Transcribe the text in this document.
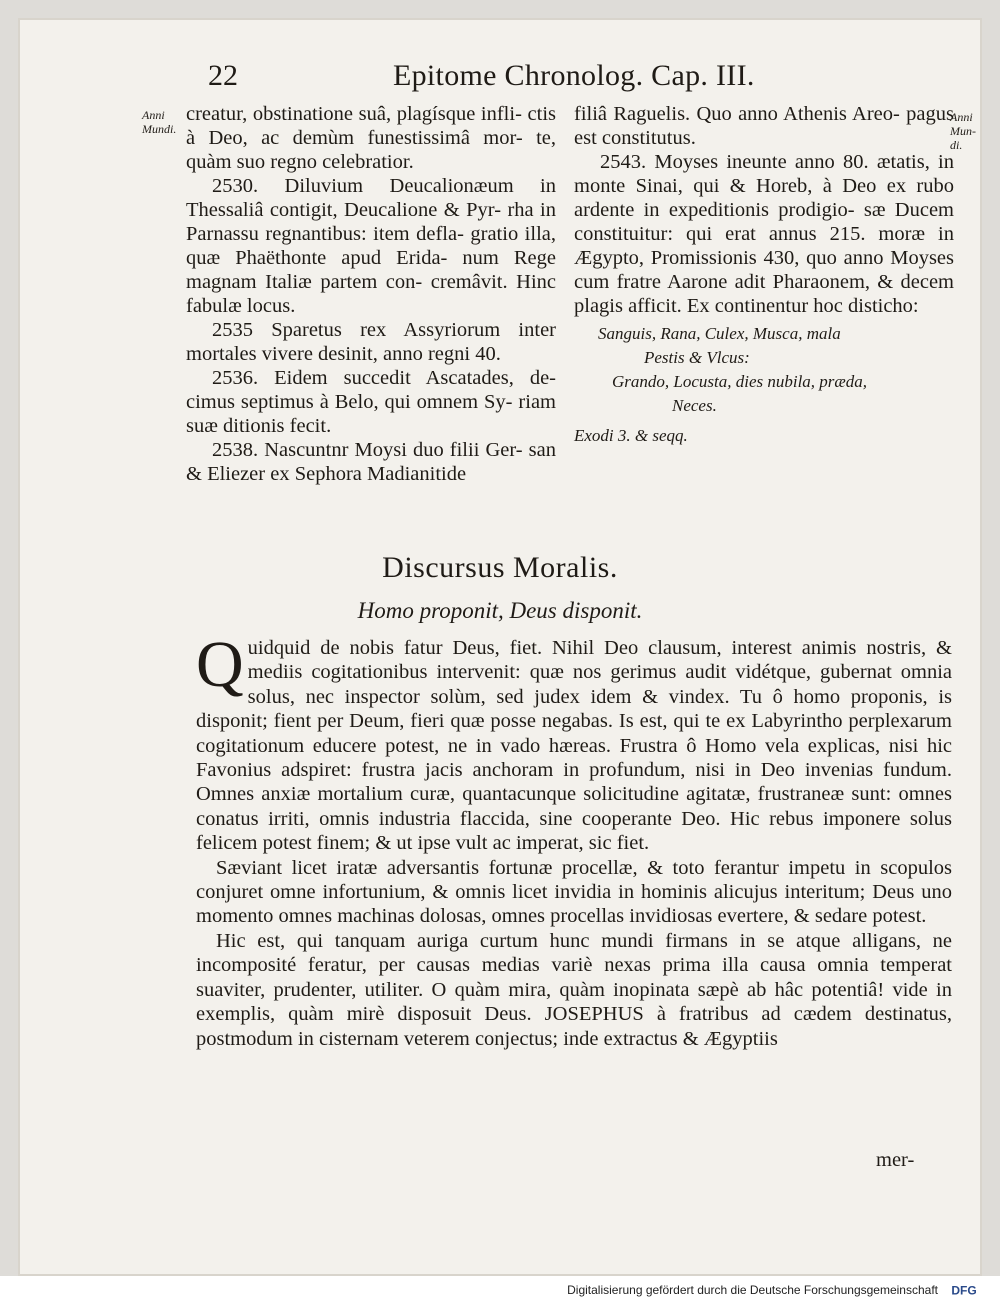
22	Epitome Chronolog. Cap. III.
Anni
Mundi.
Anni
Mun-
di.

creatur, obstinatione suâ, plagísque infli- ctis à Deo, ac demùm funestissimâ mor- te, quàm suo regno celebratior.

2530. Diluvium Deucalionæum in Thessaliâ contigit, Deucalione & Pyr- rha in Parnassu regnantibus: item defla- gratio illa, quæ Phaëthonte apud Erida- num Rege magnam Italiæ partem con- cremâvit. Hinc fabulæ locus.

2535 Sparetus rex Assyriorum inter mortales vivere desinit, anno regni 40.

2536. Eidem succedit Ascatades, de- cimus septimus à Belo, qui omnem Sy- riam suæ ditionis fecit.

2538. Nascuntnr Moysi duo filii Ger- san & Eliezer ex Sephora Madianitide

filiâ Raguelis. Quo anno Athenis Areo- pagus est constitutus.

2543. Moyses ineunte anno 80. ætatis, in monte Sinai, qui & Horeb, à Deo ex rubo ardente in expeditionis prodigio- sæ Ducem constituitur: qui erat annus 215. moræ in Ægypto, Promissionis 430, quo anno Moyses cum fratre Aarone adit Pharaonem, & decem plagis afficit. Ex continentur hoc disticho:

Sanguis, Rana, Culex, Musca, mala
Pestis & Vlcus:
Grando, Locusta, dies nubila, præda,
Neces.
Exodi 3. & seqq.
Discursus Moralis.
Homo proponit, Deus disponit.

Quidquid de nobis fatur Deus, fiet. Nihil Deo clausum, interest animis nostris, & mediis cogitationibus intervenit: quæ nos gerimus audit vidétque, gubernat omnia solus, nec inspector solùm, sed judex idem & vindex. Tu ô homo proponis, is disponit; fient per Deum, fieri quæ posse negabas. Is est, qui te ex Labyrintho perplexarum cogitationum educere potest, ne in vado hæreas. Frustra ô Homo vela explicas, nisi hic Favonius adspiret: frustra jacis anchoram in profundum, nisi in Deo invenias fundum. Omnes anxiæ mortalium curæ, quantacunque solicitudine agitatæ, frustraneæ sunt: omnes conatus irriti, omnis industria flaccida, sine cooperante Deo. Hic rebus imponere solus felicem potest finem; & ut ipse vult ac imperat, sic fiet.

Sæviant licet iratæ adversantis fortunæ procellæ, & toto ferantur impetu in scopulos conjuret omne infortunium, & omnis licet invidia in hominis alicujus interitum; Deus uno momento omnes machinas dolosas, omnes procellas invidiosas evertere, & sedare potest.

Hic est, qui tanquam auriga curtum hunc mundi firmans in se atque alligans, ne incomposité feratur, per causas medias variè nexas prima illa causa omnia temperat suaviter, prudenter, utiliter. O quàm mira, quàm inopinata sæpè ab hâc potentiâ! vide in exemplis, quàm mirè disposuit Deus. JOSEPHUS à fratribus ad cædem destinatus, postmodum in cisternam veterem conjectus; inde extractus & Ægyptiis

mer-
Digitalisierung gefördert durch die Deutsche Forschungsgemeinschaft DFG
